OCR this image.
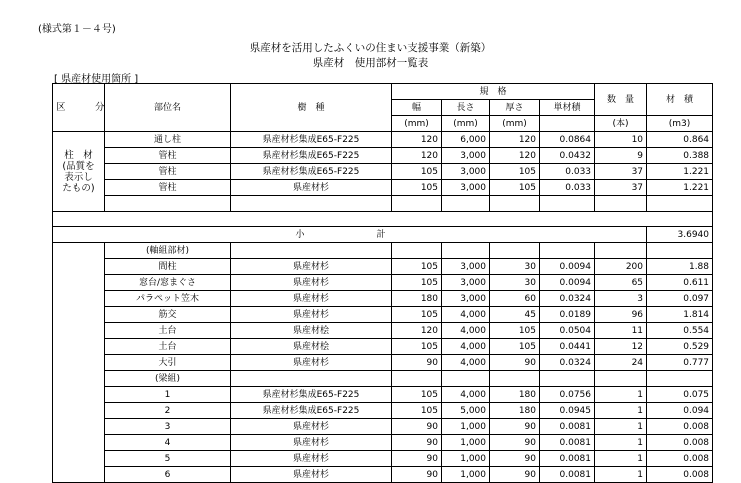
(様式第１－４号)
県産材を活用したふくいの住まい支援事業（新築）
県産材　使用部材一覧表
[ 県産材使用箇所 ]
区　分	部位名	樹　種	規　格				数　量	材　積
			幅	長さ	厚さ	単材積		
			(mm)	(mm)	(mm)		(本)	(m3)
柱　材
(品質を
表示し
たもの)	通し柱	県産材杉集成E65-F225	120	6,000	120	0.0864	10	0.864
	管柱	県産材杉集成E65-F225	120	3,000	120	0.0432	9	0.388
	管柱	県産材杉集成E65-F225	105	3,000	105	0.033	37	1.221
	管柱	県産材杉	105	3,000	105	0.033	37	1.221

小　　計								3.6940
	(軸組部材)							
	間柱	県産材杉	105	3,000	30	0.0094	200	1.88
	窓台/窓まぐさ	県産材杉	105	3,000	30	0.0094	65	0.611
	パラペット笠木	県産材杉	180	3,000	60	0.0324	3	0.097
	筋交	県産材杉	105	4,000	45	0.0189	96	1.814
	土台	県産材桧	120	4,000	105	0.0504	11	0.554
	土台	県産材桧	105	4,000	105	0.0441	12	0.529
	大引	県産材杉	90	4,000	90	0.0324	24	0.777
	(梁組)							
	1	県産材杉集成E65-F225	105	4,000	180	0.0756	1	0.075
	2	県産材杉集成E65-F225	105	5,000	180	0.0945	1	0.094
	3	県産材杉	90	1,000	90	0.0081	1	0.008
	4	県産材杉	90	1,000	90	0.0081	1	0.008
	5	県産材杉	90	1,000	90	0.0081	1	0.008
	6	県産材杉	90	1,000	90	0.0081	1	0.008
